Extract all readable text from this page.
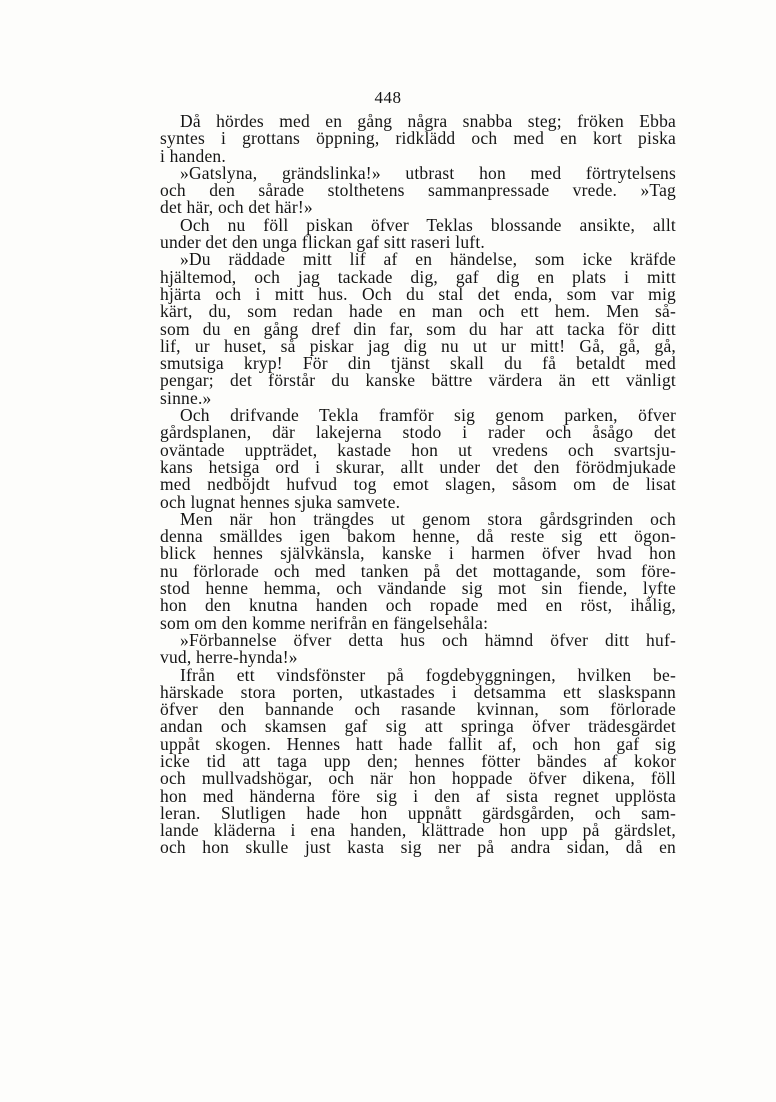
448
Då hördes med en gång några snabba steg; fröken Ebba
syntes i grottans öppning, ridklädd och med en kort piska
i handen.
»Gatslyna, grändslinka!» utbrast hon med förtrytelsens
och den sårade stolthetens sammanpressade vrede. »Tag
det här, och det här!»
Och nu föll piskan öfver Teklas blossande ansikte, allt
under det den unga flickan gaf sitt raseri luft.
»Du räddade mitt lif af en händelse, som icke kräfde
hjältemod, och jag tackade dig, gaf dig en plats i mitt
hjärta och i mitt hus. Och du stal det enda, som var mig
kärt, du, som redan hade en man och ett hem. Men så-
som du en gång dref din far, som du har att tacka för ditt
lif, ur huset, så piskar jag dig nu ut ur mitt! Gå, gå, gå,
smutsiga kryp! För din tjänst skall du få betaldt med
pengar; det förstår du kanske bättre värdera än ett vänligt
sinne.»
Och drifvande Tekla framför sig genom parken, öfver
gårdsplanen, där lakejerna stodo i rader och åsågo det
oväntade uppträdet, kastade hon ut vredens och svartsju-
kans hetsiga ord i skurar, allt under det den förödmjukade
med nedböjdt hufvud tog emot slagen, såsom om de lisat
och lugnat hennes sjuka samvete.
Men när hon trängdes ut genom stora gårdsgrinden och
denna smälldes igen bakom henne, då reste sig ett ögon-
blick hennes självkänsla, kanske i harmen öfver hvad hon
nu förlorade och med tanken på det mottagande, som före-
stod henne hemma, och vändande sig mot sin fiende, lyfte
hon den knutna handen och ropade med en röst, ihålig,
som om den komme nerifrån en fängelsehåla:
»Förbannelse öfver detta hus och hämnd öfver ditt huf-
vud, herre-hynda!»
Ifrån ett vindsfönster på fogdebyggningen, hvilken be-
härskade stora porten, utkastades i detsamma ett slaskspann
öfver den bannande och rasande kvinnan, som förlorade
andan och skamsen gaf sig att springa öfver trädesgärdet
uppåt skogen. Hennes hatt hade fallit af, och hon gaf sig
icke tid att taga upp den; hennes fötter bändes af kokor
och mullvadshögar, och när hon hoppade öfver dikena, föll
hon med händerna före sig i den af sista regnet upplösta
leran. Slutligen hade hon uppnått gärdsgården, och sam-
lande kläderna i ena handen, klättrade hon upp på gärdslet,
och hon skulle just kasta sig ner på andra sidan, då en
